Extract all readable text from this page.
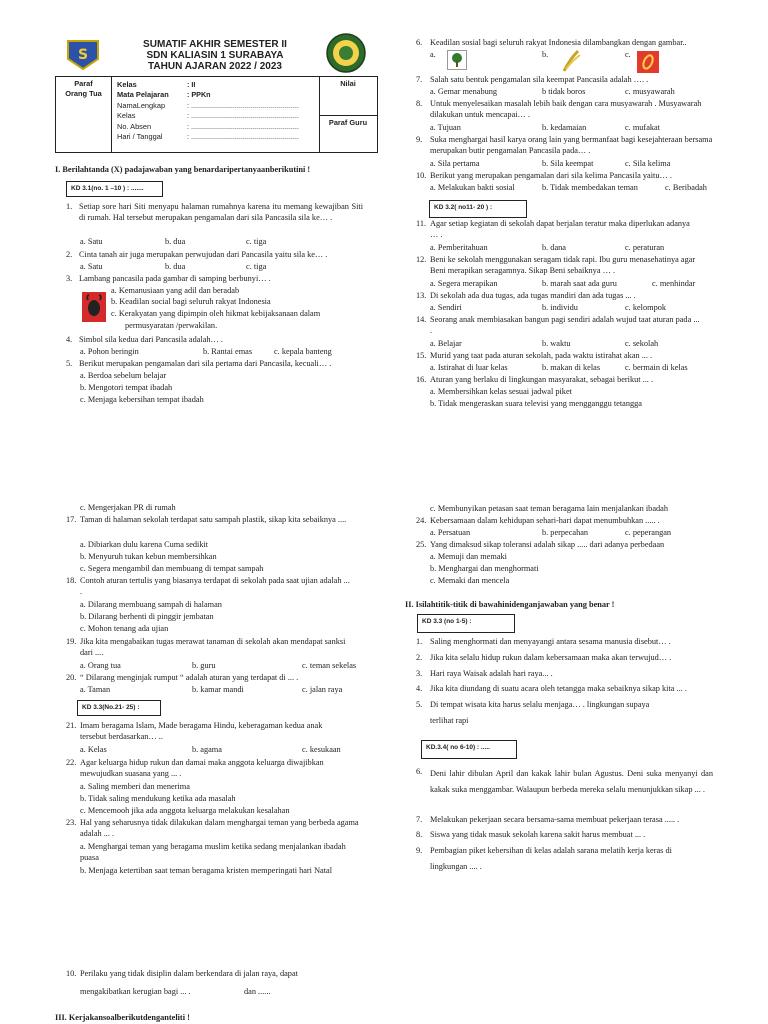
S
SUMATIF AKHIR SEMESTER II
SDN KALIASIN 1 SURABAYA
TAHUN AJARAN 2022 / 2023
Paraf
Orang Tua
Nilai
Paraf Guru
Kelas	: II
Mata Pelajaran	: PPKn
NamaLengkap	: ......................................................
Kelas	: ......................................................
No. Absen	: ......................................................
Hari / Tanggal	: ......................................................
I. Berilahtanda (X) padajawaban yang benardaripertanyaanberikutini !
KD 3.1(no. 1 –10 ) : .......
KD 3.2( no11- 20 ) :
KD 3.3(No.21- 25) :
II. Isilahtitik-titik di bawahinidenganjawaban yang benar !
KD 3.3 (no 1-5) :
KD.3.4( no 6-10) : .....
III. Kerjakansoalberikutdenganteliti !
1. Setiap sore hari Siti menyapu halaman rumahnya karena itu memang kewajiban Siti di rumah. Hal tersebut merupakan pengamalan dari sila Pancasila sila ke… .
a. Satu	b. dua	c. tiga
2. Cinta tanah air juga merupakan perwujudan dari Pancasila yaitu sila ke… .
a. Satu	b. dua	c. tiga
3. Lambang pancasila pada gambar di samping berbunyi… .
a. Kemanusiaan yang adil dan beradab
b. Keadilan social bagi seluruh rakyat Indonesia
c. Kerakyatan yang dipimpin oleh hikmat kebijaksanaan dalam
permusyaratan /perwakilan.
4. Simbol sila kedua dari Pancasila adalah… .
a. Pohon beringin	b. Rantai emas	c. kepala banteng
5. Berikut merupakan pengamalan dari sila pertama dari Pancasila, kecuali… .
a. Berdoa sebelum belajar
b. Mengotori tempat ibadah
c. Menjaga kebersihan tempat ibadah
6. Keadilan sosial bagi seluruh rakyat Indonesia dilambangkan dengan gambar..
a.	b.	c.
7. Salah satu bentuk pengamalan sila keempat Pancasila adalah …. .
a. Gemar menabung	b tidak boros	c. musyawarah
8. Untuk menyelesaikan masalah lebih baik dengan cara musyawarah . Musyawarah dilakukan untuk mencapai… .
a. Tujuan	b. kedamaian	c. mufakat
9. Suka menghargai hasil karya orang lain yang bermanfaat bagi kesejahteraan bersama merupakan butir pengamalan Pancasila pada… .
a. Sila pertama	b. Sila keempat	c. Sila kelima
10. Berikut yang merupakan pengamalan dari sila kelima Pancasila yaitu… .
a. Melakukan bakti sosial	b. Tidak membedakan teman	c. Beribadah
11. Agar setiap kegiatan di sekolah dapat berjalan teratur maka diperlukan adanya … .
a. Pemberitahuan	b. dana	c. peraturan
12. Beni ke sekolah menggunakan seragam tidak rapi. Ibu guru menasehatinya agar Beni merapikan seragamnya. Sikap Beni sebaiknya … .
a. Segera merapikan	b. marah saat ada guru	c. menhindar
13. Di sekolah ada dua tugas, ada tugas mandiri dan ada tugas ... .
a. Sendiri	b. individu	c. kelompok
14. Seorang anak membiasakan bangun pagi sendiri adalah wujud taat aturan pada ... .
a. Belajar	b. waktu	c. sekolah
15. Murid yang taat pada aturan sekolah, pada waktu istirahat akan ... .
a. Istirahat di luar kelas	b. makan di kelas	c. bermain di kelas
16. Aturan yang berlaku di lingkungan masyarakat, sebagai berikut ... .
a. Membersihkan kelas sesuai jadwal piket
b. Tidak mengeraskan suara televisi yang mengganggu tetangga
c. Mengerjakan PR di rumah
17. Taman di halaman sekolah terdapat satu sampah plastik, sikap kita sebaiknya ....
a. Dibiarkan dulu karena Cuma sedikit
b. Menyuruh tukan kebun membersihkan
c. Segera mengambil dan membuang di tempat sampah
18. Contoh aturan tertulis yang biasanya terdapat di sekolah pada saat ujian adalah ... .
a. Dilarang membuang sampah di halaman
b. Dilarang berhenti di pinggir jembatan
c. Mohon tenang ada ujian
19. Jika kita mengabaikan tugas merawat tanaman di sekolah akan mendapat sanksi dari ....
a. Orang tua	b. guru	c. teman sekelas
20. “ Dilarang menginjak rumput “ adalah aturan yang terdapat di ... .
a. Taman	b. kamar mandi	c. jalan raya
21. Imam beragama Islam, Made beragama Hindu, keberagaman kedua anak tersebut berdasarkan… ..
a. Kelas	b. agama	c. kesukaan
22. Agar keluarga hidup rukun dan damai maka anggota keluarga diwajibkan mewujudkan suasana yang ... .
a. Saling memberi dan menerima
b. Tidak saling mendukung ketika ada masalah
c. Mencemooh jika ada anggota keluarga melakukan kesalahan
23. Hal yang seharusnya tidak dilakukan dalam menghargai teman yang berbeda agama adalah ... .
a. Menghargai teman yang beragama muslim ketika sedang menjalankan ibadah puasa
b. Menjaga ketertiban saat teman beragama kristen memperingati hari Natal
c. Membunyikan petasan saat teman beragama lain menjalankan ibadah
24. Kebersamaan dalam kehidupan sehari-hari dapat menumbuhkan ..... .
a. Persatuan	b. perpecahan	c. peperangan
25. Yang dimaksud sikap toleransi adalah sikap ..... dari adanya perbedaan
a. Memuji dan memaki
b. Menghargai dan menghormati
c. Memaki dan mencela
1. Saling menghormati dan menyayangi antara sesama manusia disebut… .
2. Jika kita selalu hidup rukun dalam kebersamaan maka akan terwujud… .
3. Hari raya Waisak adalah hari raya... .
4. Jika kita diundang di suatu acara oleh tetangga maka sebaiknya sikap kita ... .
5. Di tempat wisata kita harus selalu menjaga… . lingkungan supaya
terlihat rapi
6. Deni lahir dibulan April dan kakak lahir bulan Agustus. Deni suka menyanyi dan kakak suka menggambar. Walaupun berbeda mereka selalu menunjukkan sikap ... .
7. Melakukan pekerjaan secara bersama-sama membuat pekerjaan terasa ..... .
8. Siswa yang tidak masuk sekolah karena sakit harus membuat ... .
9. Pembagian piket kebersihan di kelas adalah sarana melatih kerja keras di
lingkungan .... .
10. Perilaku yang tidak disiplin dalam berkendara di jalan raya, dapat
mengakibatkan kerugian bagi ... .	dan ......
